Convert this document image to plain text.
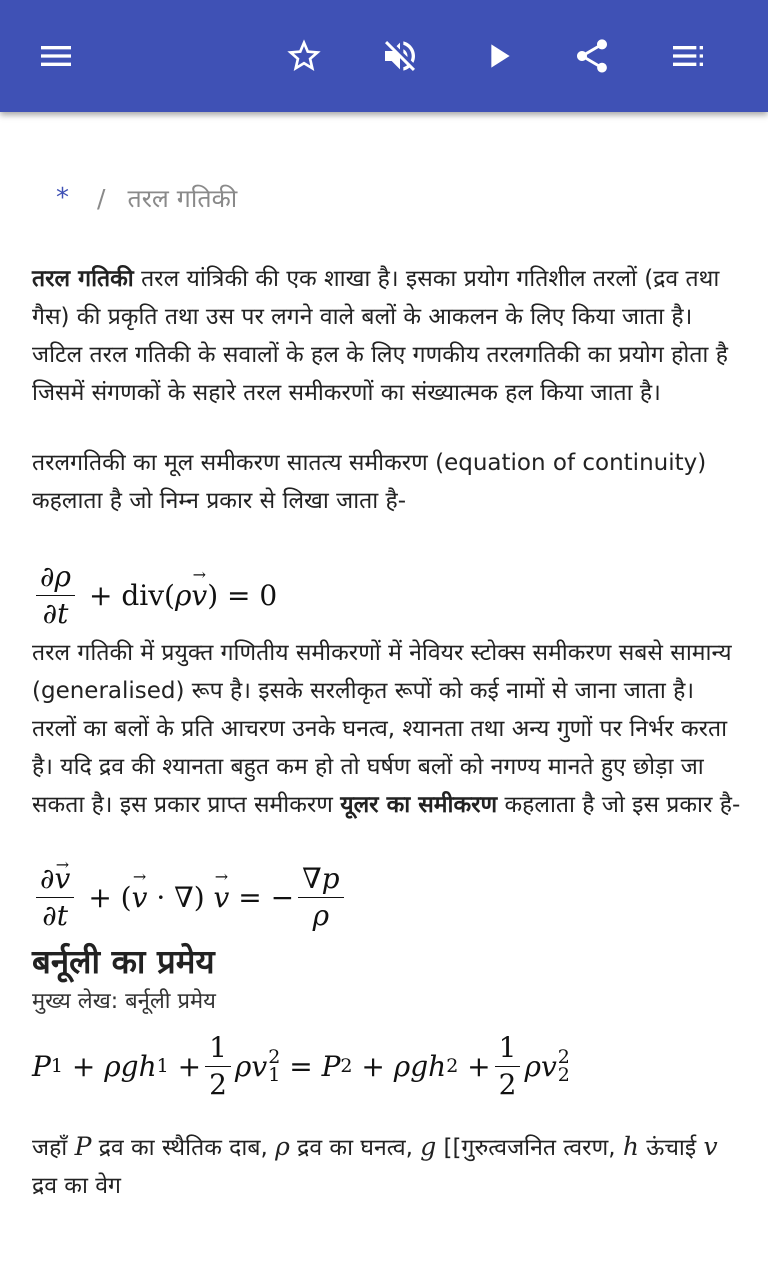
* / तरल गतिकी

तरल गतिकी तरल यांत्रिकी की एक शाखा है। इसका प्रयोग गतिशील तरलों (द्रव तथा गैस) की प्रकृति तथा उस पर लगने वाले बलों के आकलन के लिए किया जाता है। जटिल तरल गतिकी के सवालों के हल के लिए गणकीय तरलगतिकी का प्रयोग होता है जिसमें संगणकों के सहारे तरल समीकरणों का संख्यात्मक हल किया जाता है।

तरलगतिकी का मूल समीकरण सातत्य समीकरण (equation of continuity) कहलाता है जो निम्न प्रकार से लिखा जाता है-

$\frac{\partial\rho}{\partial t} + div$( ρ → v ) = 0

तरल गतिकी में प्रयुक्त गणितीय समीकरणों में नेवियर स्टोक्स समीकरण सबसे सामान्य (generalised) रूप है। इसके सरलीकृत रूपों को कई नामों से जाना जाता है। तरलों का बलों के प्रति आचरण उनके घनत्व, श्यानता तथा अन्य गुणों पर निर्भर करता है। यदि द्रव की श्यानता बहुत कम हो तो घर्षण बलों को नगण्य मानते हुए छोड़ा जा सकता है। इस प्रकार प्राप्त समीकरण यूलर का समीकरण कहलाता है जो इस प्रकार है-

$\frac{\partial\to v}{\partial t}$ + ( → v · ∇) → v = − $\frac{\nabla p}{\rho}$
बर्नूली का प्रमेय
मुख्य लेख: बर्नूली प्रमेय
P 1 + ρgh $1 + \frac{1}{2}$ ρv 2
1 = P 2 + ρgh $2 + \frac{1}{2}$ ρv 2
2

जहाँ P द्रव का स्थैतिक दाब, ρ द्रव का घनत्व, g [[गुरुत्वजनित त्वरण, h ऊंचाई v द्रव का वेग
